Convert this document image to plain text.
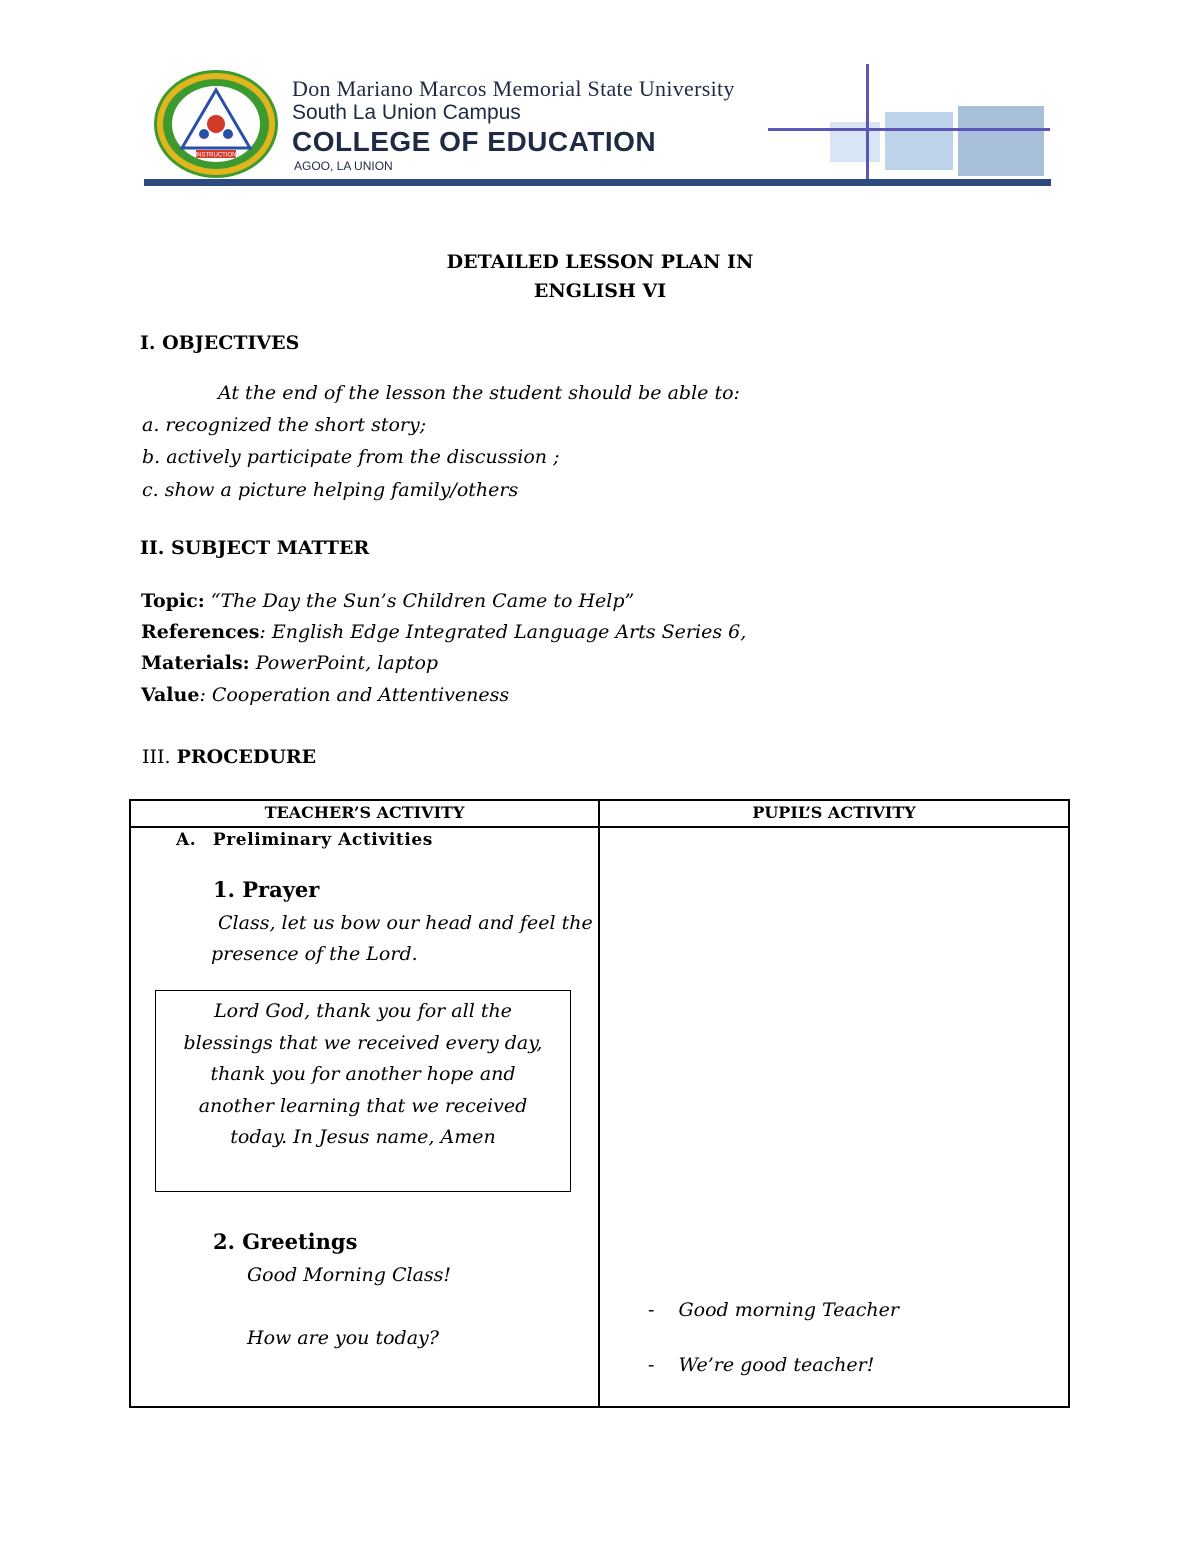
INSTRUCTION
Don Mariano Marcos Memorial State University
South La Union Campus
COLLEGE OF EDUCATION
AGOO, LA UNION
DETAILED LESSON PLAN IN
ENGLISH VI
I. OBJECTIVES
At the end of the lesson the student should be able to:
a. recognized the short story;
b. actively participate from the discussion ;
c. show a picture helping family/others
II. SUBJECT MATTER
Topic: “The Day the Sun’s Children Came to Help”
References: English Edge Integrated Language Arts Series 6,
Materials: PowerPoint, laptop
Value: Cooperation and Attentiveness
III. PROCEDURE
TEACHER’S ACTIVITY	PUPIL’S ACTIVITY
A. Preliminary Activities
1. Prayer
Class, let us bow our head and feel the
presence of the Lord.
Lord God, thank you for all the
blessings that we received every day,
thank you for another hope and
another learning that we received
today. In Jesus name, Amen
2. Greetings
Good Morning Class!
How are you today?
- Good morning Teacher
- We’re good teacher!
